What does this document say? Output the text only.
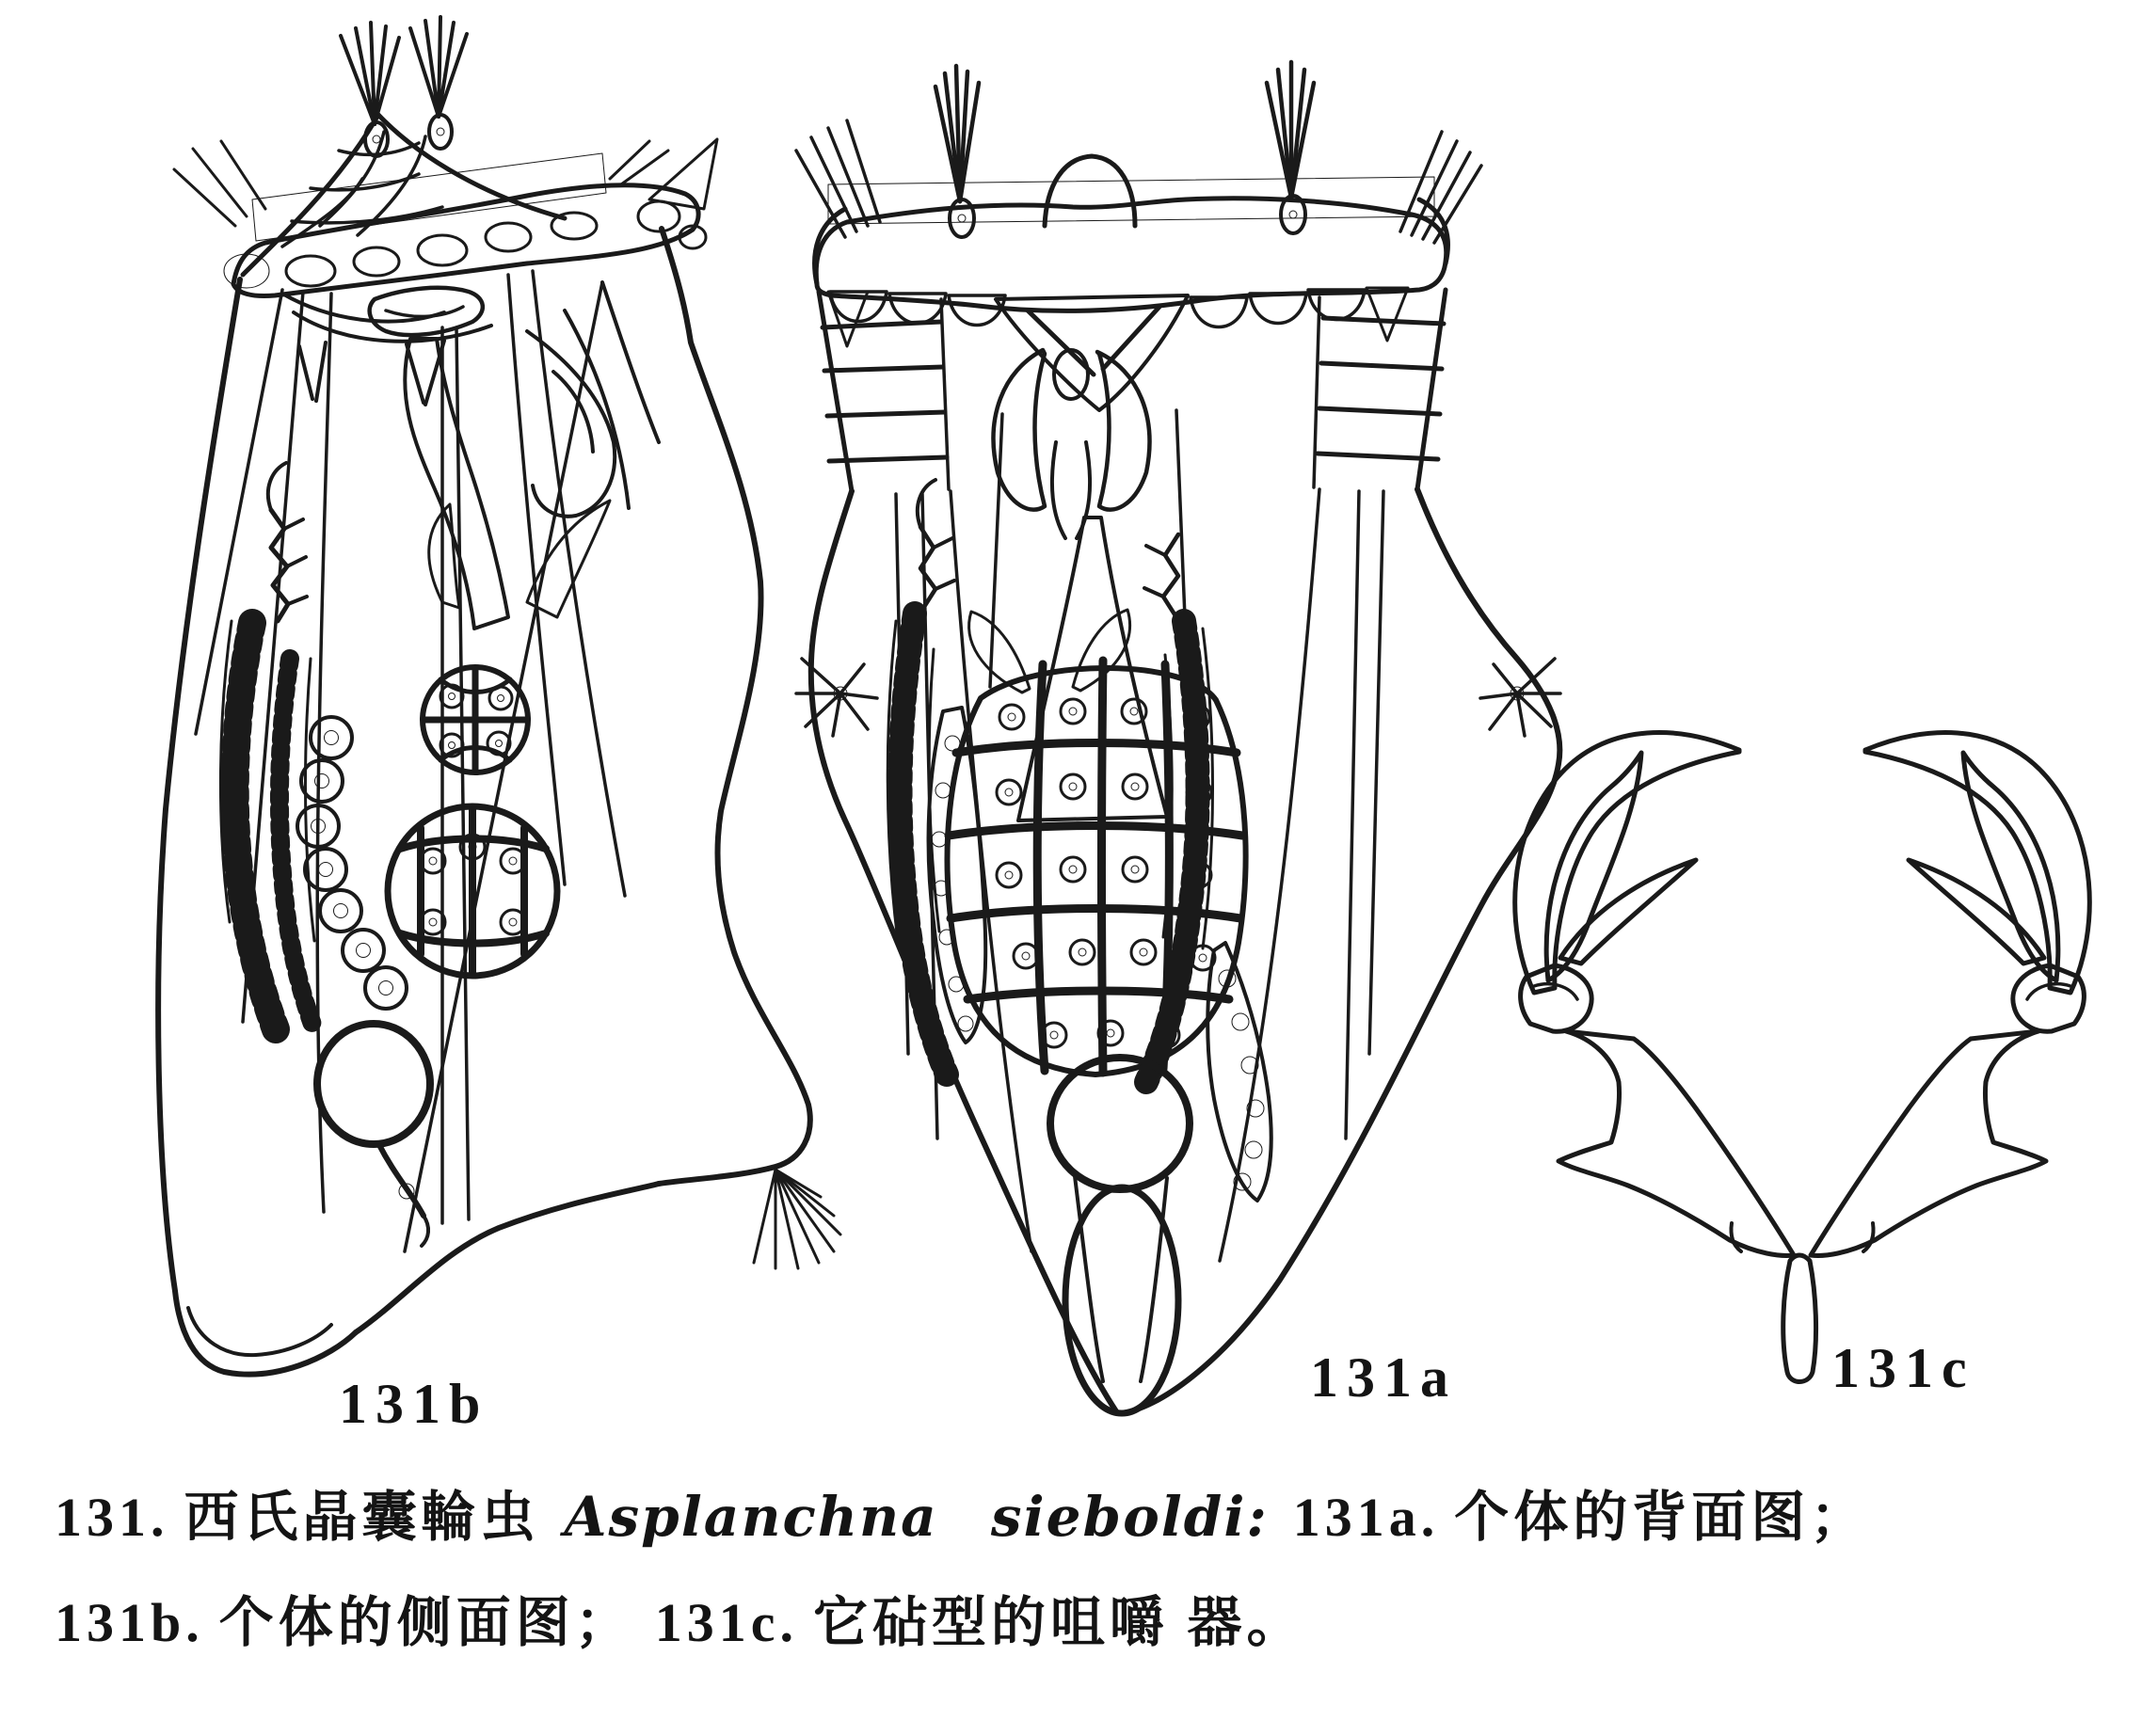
131b	131a	131c

131. 西氏晶囊輪虫 Asplanchna sieboldi: 131a. 个体的背面图；

131b. 个体的侧面图； 131c. 它砧型的咀嚼 器。
